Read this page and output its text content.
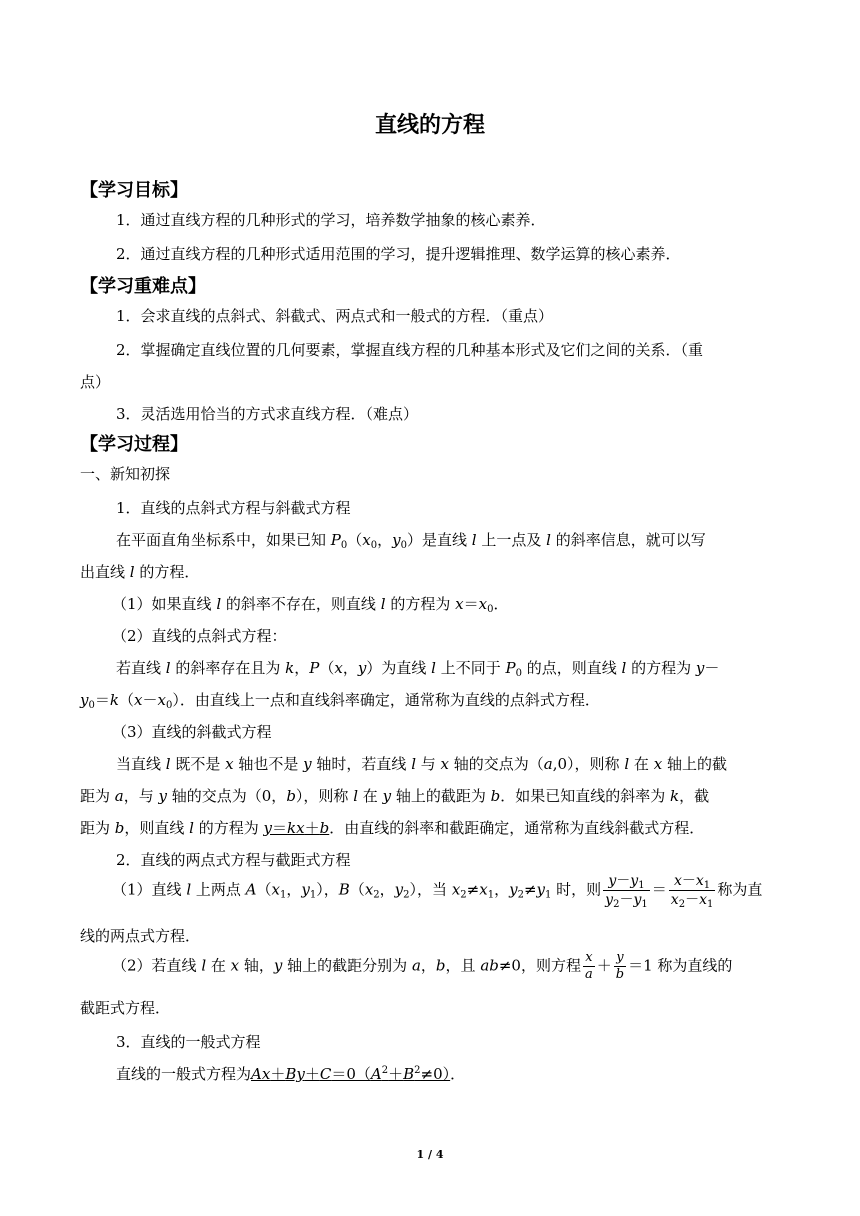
直线的方程
【学习目标】
1．通过直线方程的几种形式的学习，培养数学抽象的核心素养．
2．通过直线方程的几种形式适用范围的学习，提升逻辑推理、数学运算的核心素养．
【学习重难点】
1．会求直线的点斜式、斜截式、两点式和一般式的方程．（重点）
2．掌握确定直线位置的几何要素，掌握直线方程的几种基本形式及它们之间的关系．（重
点）
3．灵活选用恰当的方式求直线方程．（难点）
【学习过程】
一、新知初探
1．直线的点斜式方程与斜截式方程
在平面直角坐标系中，如果已知 $P_0(x_0$，$y_0$）是直线 l 上一点及 l 的斜率信息，就可以写
出直线 l 的方程．
（1）如果直线 l 的斜率不存在，则直线 l 的方程为 $x=x_0$．
（2）直线的点斜式方程：
若直线 l 的斜率存在且为 k，P（x，y）为直线 l 上不同于 $P_0$ 的点，则直线 l 的方程为 y－
$y_0=k(x-x_0)$．由直线上一点和直线斜率确定，通常称为直线的点斜式方程．
（3）直线的斜截式方程
当直线 l 既不是 x 轴也不是 y 轴时，若直线 l 与 x 轴的交点为（a,0），则称 l 在 x 轴上的截
距为 a，与 y 轴的交点为（0，b），则称 l 在 y 轴上的截距为 b．如果已知直线的斜率为 k，截
距为 b，则直线 l 的方程为 y＝kx＋b．由直线的斜率和截距确定，通常称为直线斜截式方程．
2．直线的两点式方程与截距式方程
（1）直线 l 上两点 $A(x_1$，$y_1$），$B(x_2$，$y_2$），当 $x_2\ne x_1$，$y_2\ne y_1$ 时，则 $\frac{y-y_1}{y_2-y_1} = \frac{x-x_1}{x_2-x_1}$ 称为直
线的两点式方程．
（2）若直线 l 在 x 轴，y 轴上的截距分别为 a，b，且 ab≠0，则方程 $\frac{x}{a} + \frac{y}{b} =1$ 称为直线的
截距式方程．
3．直线的一般式方程
直线的一般式方程为$Ax+By+C=0(A^2+B^2\ne 0)$．
1 / 4
